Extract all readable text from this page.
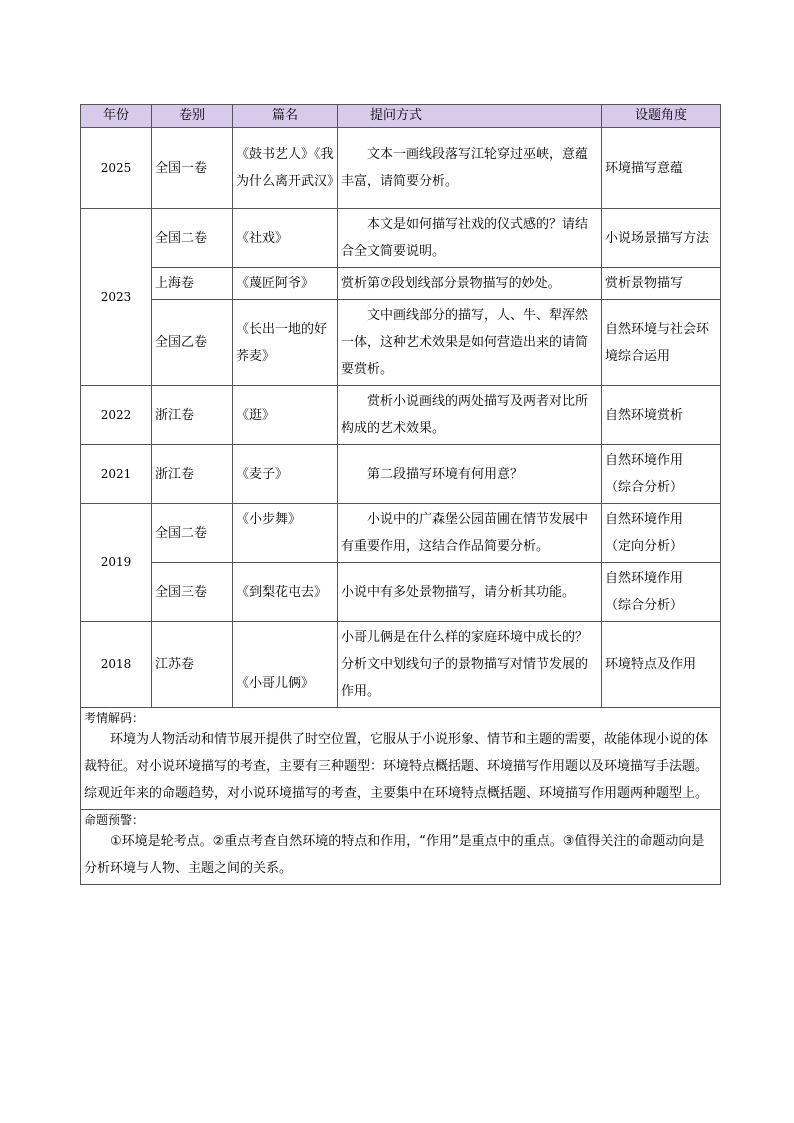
年份	卷别	篇名	提问方式	设题角度
2025	全国一卷	《鼓书艺人》《我为什么离开武汉》	文本一画线段落写江轮穿过巫峡，意蕴丰富，请简要分析。	环境描写意蕴
2023	全国二卷	《社戏》	本文是如何描写社戏的仪式感的？请结合全文简要说明。	小说场景描写方法
	上海卷	《蔑匠阿爷》	赏析第⑦段划线部分景物描写的妙处。	赏析景物描写
	全国乙卷	《长出一地的好荞麦》	文中画线部分的描写，人、牛、犁浑然一体，这种艺术效果是如何营造出来的请简要赏析。	自然环境与社会环境综合运用
2022	浙江卷	《逛》	赏析小说画线的两处描写及两者对比所构成的艺术效果。	自然环境赏析
2021	浙江卷	《麦子》	第二段描写环境有何用意？	自然环境作用（综合分析）
2019	全国二卷	《小步舞》	小说中的广森堡公园苗圃在情节发展中有重要作用，这结合作品简要分析。	自然环境作用（定向分析）
	全国三卷	《到梨花屯去》	小说中有多处景物描写，请分析其功能。	自然环境作用（综合分析）
2018	江苏卷	《小哥儿俩》	小哥儿俩是在什么样的家庭环境中成长的？分析文中划线句子的景物描写对情节发展的作用。	环境特点及作用

考情解码：
环境为人物活动和情节展开提供了时空位置，它服从于小说形象、情节和主题的需要，故能体现小说的体裁特征。对小说环境描写的考查，主要有三种题型：环境特点概括题、环境描写作用题以及环境描写手法题。综观近年来的命题趋势，对小说环境描写的考查，主要集中在环境特点概括题、环境描写作用题两种题型上。				

命题预警：
①环境是轮考点。②重点考查自然环境的特点和作用，“作用”是重点中的重点。③值得关注的命题动向是分析环境与人物、主题之间的关系。				
